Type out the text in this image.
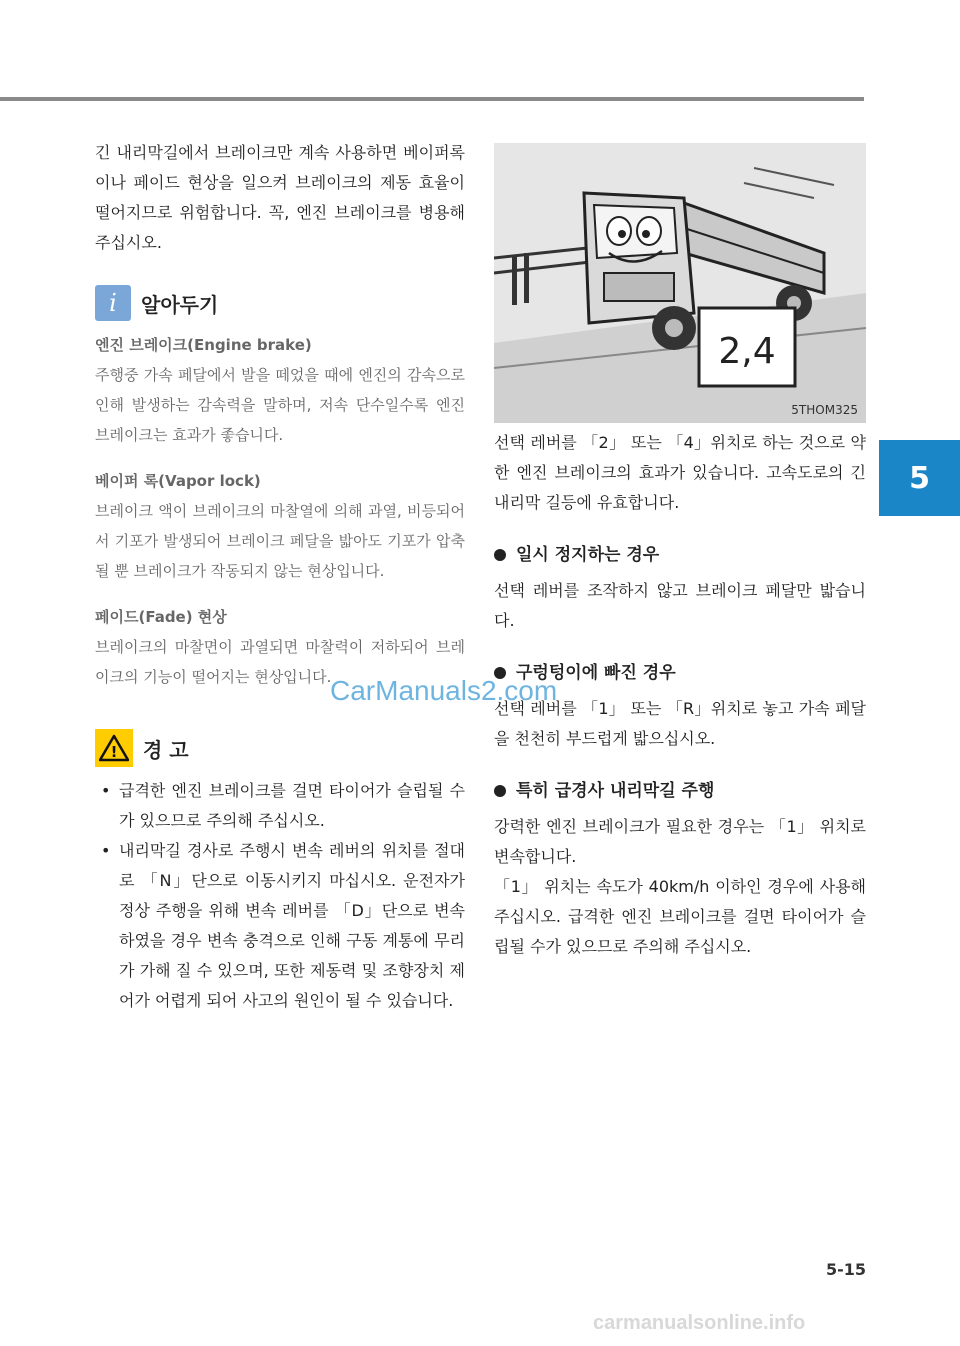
5

긴 내리막길에서 브레이크만 계속 사용하면 베이퍼록이나 페이드 현상을 일으켜 브레이크의 제동 효율이 떨어지므로 위험합니다. 꼭, 엔진 브레이크를 병용해 주십시오.

i	알아두기
엔진 브레이크(Engine brake)

주행중 가속 페달에서 발을 떼었을 때에 엔진의 감속으로 인해 발생하는 감속력을 말하며, 저속 단수일수록 엔진 브레이크는 효과가 좋습니다.

베이퍼 록(Vapor lock)

브레이크 액이 브레이크의 마찰열에 의해 과열, 비등되어서 기포가 발생되어 브레이크 페달을 밟아도 기포가 압축될 뿐 브레이크가 작동되지 않는 현상입니다.

페이드(Fade) 현상

브레이크의 마찰면이 과열되면 마찰력이 저하되어 브레이크의 기능이 떨어지는 현상입니다.

! 경 고
• 급격한 엔진 브레이크를 걸면 타이어가 슬립될 수가 있으므로 주의해 주십시오.
• 내리막길 경사로 주행시 변속 레버의 위치를 절대로 「N」단으로 이동시키지 마십시오. 운전자가 정상 주행을 위해 변속 레버를 「D」단으로 변속하였을 경우 변속 충격으로 인해 구동 계통에 무리가 가해 질 수 있으며, 또한 제동력 및 조향장치 제어가 어렵게 되어 사고의 원인이 될 수 있습니다.
2,4
5THOM325

선택 레버를 「2」 또는 「4」위치로 하는 것으로 약한 엔진 브레이크의 효과가 있습니다. 고속도로의 긴 내리막 길등에 유효합니다.

일시 정지하는 경우

선택 레버를 조작하지 않고 브레이크 페달만 밟습니다.

구렁텅이에 빠진 경우

선택 레버를 「1」 또는 「R」위치로 놓고 가속 페달을 천천히 부드럽게 밟으십시오.

특히 급경사 내리막길 주행

강력한 엔진 브레이크가 필요한 경우는 「1」 위치로 변속합니다.

「1」 위치는 속도가 40km/h 이하인 경우에 사용해 주십시오. 급격한 엔진 브레이크를 걸면 타이어가 슬립될 수가 있으므로 주의해 주십시오.

CarManuals2.com
5-15
carmanualsonline.info
